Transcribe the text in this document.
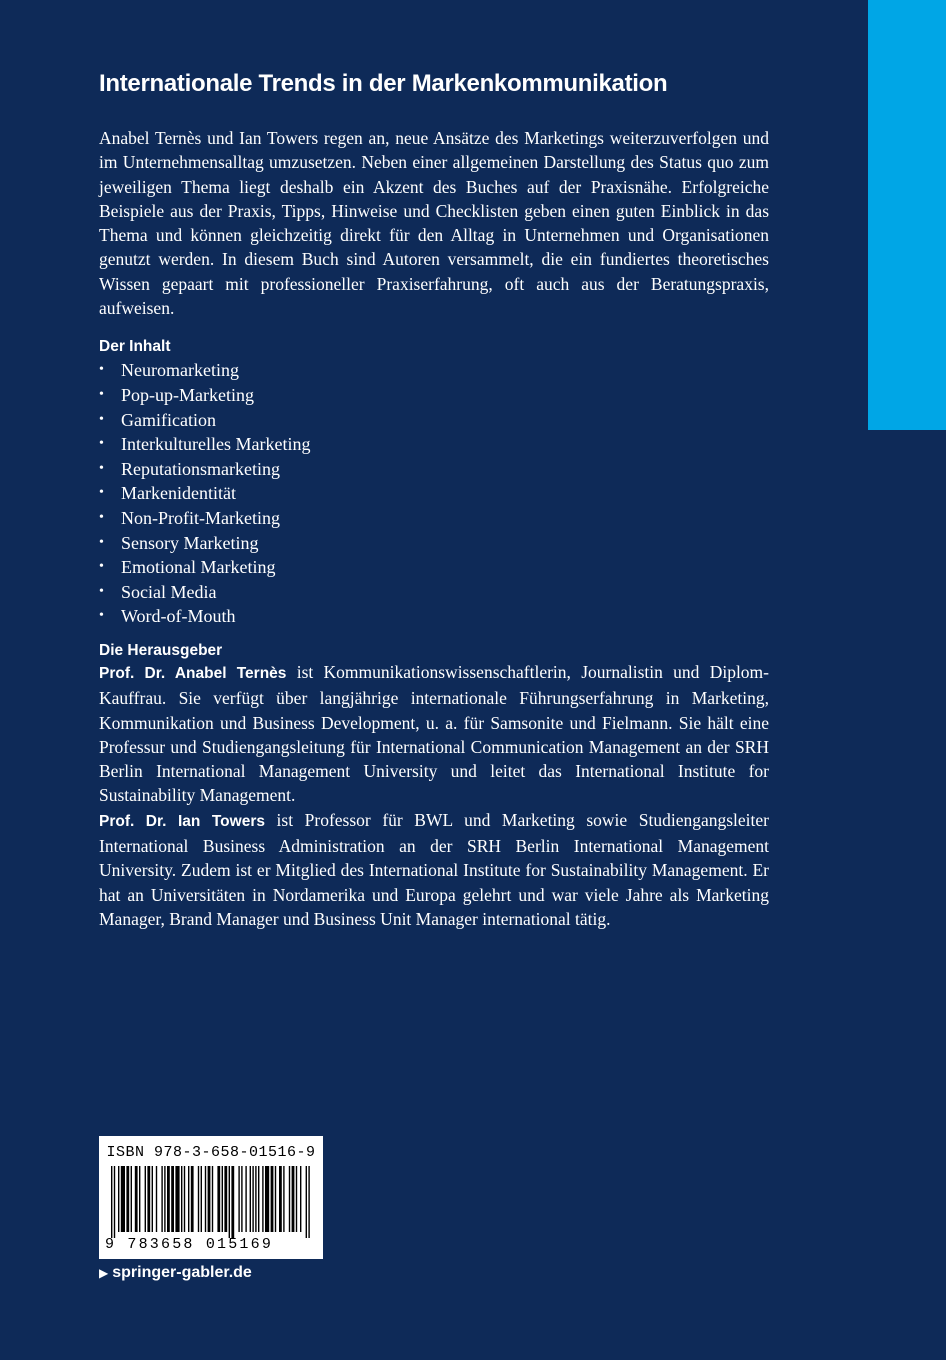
Internationale Trends in der Markenkommunikation

Anabel Ternès und Ian Towers regen an, neue Ansätze des Marketings weiterzuverfolgen und im Unternehmensalltag umzusetzen. Neben einer allgemeinen Darstellung des Status quo zum jeweiligen Thema liegt deshalb ein Akzent des Buches auf der Praxisnähe. Erfolgreiche Beispiele aus der Praxis, Tipps, Hinweise und Checklisten geben einen guten Einblick in das Thema und können gleichzeitig direkt für den Alltag in Unternehmen und Organisationen genutzt werden. In diesem Buch sind Autoren versammelt, die ein fundiertes theoretisches Wissen gepaart mit professioneller Praxiserfahrung, oft auch aus der Beratungspraxis, aufweisen.

Der Inhalt
• Neuromarketing
• Pop-up-Marketing
• Gamification
• Interkulturelles Marketing
• Reputationsmarketing
• Markenidentität
• Non-Profit-Marketing
• Sensory Marketing
• Emotional Marketing
• Social Media
• Word-of-Mouth
Die Herausgeber

Prof. Dr. Anabel Ternès ist Kommunikationswissenschaftlerin, Journalistin und Diplom-Kauffrau. Sie verfügt über langjährige internationale Führungserfahrung in Marketing, Kommunikation und Business Development, u. a. für Samsonite und Fielmann. Sie hält eine Professur und Studiengangsleitung für International Communication Management an der SRH Berlin International Management University und leitet das International Institute for Sustainability Management.

Prof. Dr. Ian Towers ist Professor für BWL und Marketing sowie Studiengangsleiter International Business Administration an der SRH Berlin International Management University. Zudem ist er Mitglied des International Institute for Sustainability Management. Er hat an Universitäten in Nordamerika und Europa gelehrt und war viele Jahre als Marketing Manager, Brand Manager und Business Unit Manager international tätig.

ISBN 978-3-658-01516-9
9 783658 015169
▶ springer-gabler.de
